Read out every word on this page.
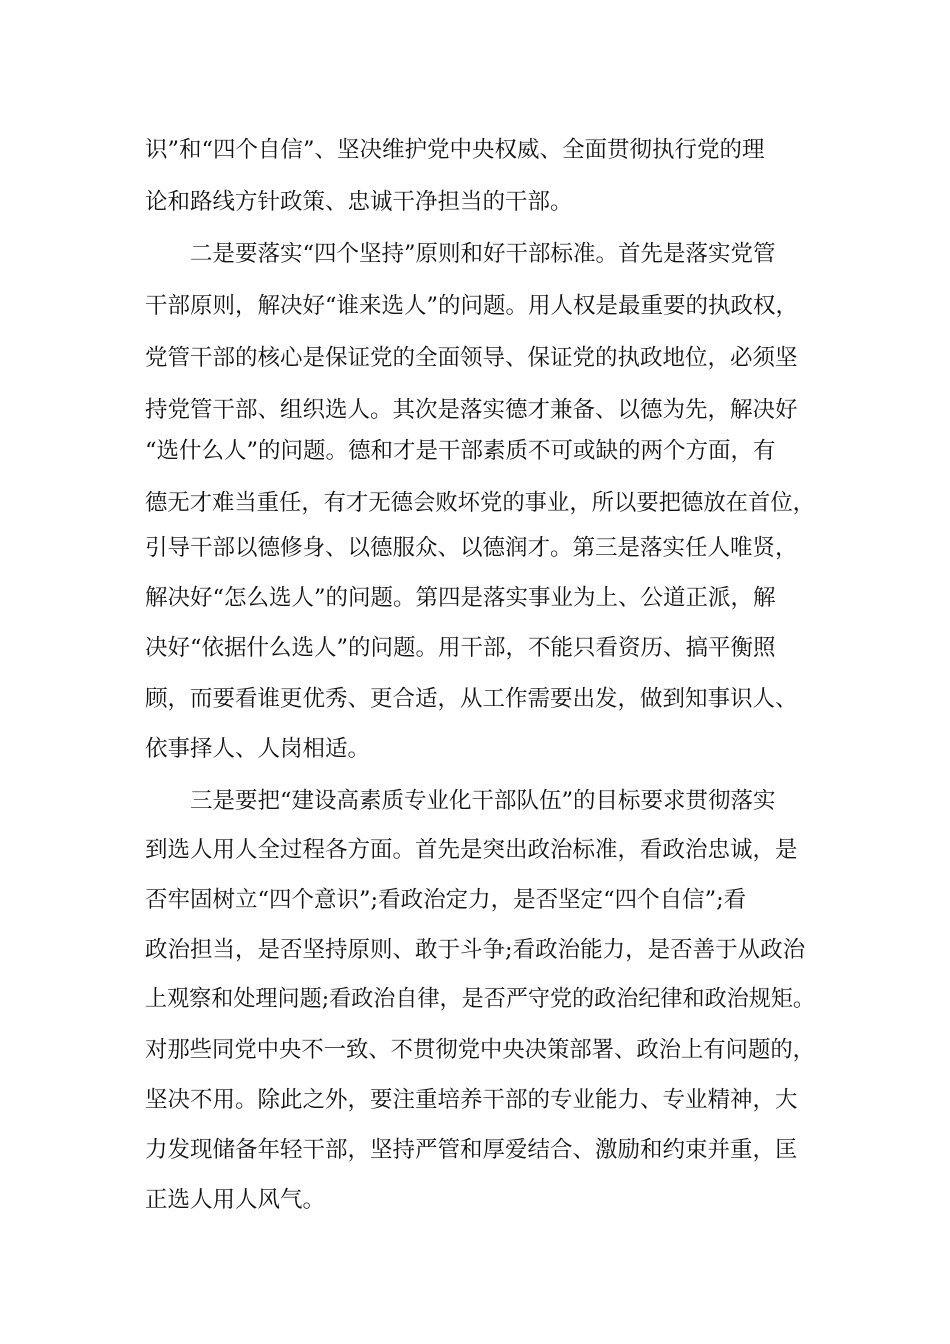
识”和“四个自信”、坚决维护党中央权威、全面贯彻执行党的理
论和路线方针政策、忠诚干净担当的干部。
二是要落实“四个坚持”原则和好干部标准。首先是落实党管
干部原则，解决好“谁来选人”的问题。用人权是最重要的执政权，
党管干部的核心是保证党的全面领导、保证党的执政地位，必须坚
持党管干部、组织选人。其次是落实德才兼备、以德为先，解决好
“选什么人”的问题。德和才是干部素质不可或缺的两个方面，有
德无才难当重任，有才无德会败坏党的事业，所以要把德放在首位，
引导干部以德修身、以德服众、以德润才。第三是落实任人唯贤，
解决好“怎么选人”的问题。第四是落实事业为上、公道正派，解
决好“依据什么选人”的问题。用干部，不能只看资历、搞平衡照
顾，而要看谁更优秀、更合适，从工作需要出发，做到知事识人、
依事择人、人岗相适。
三是要把“建设高素质专业化干部队伍”的目标要求贯彻落实
到选人用人全过程各方面。首先是突出政治标准，看政治忠诚，是
否牢固树立“四个意识”;看政治定力，是否坚定“四个自信”;看
政治担当，是否坚持原则、敢于斗争;看政治能力，是否善于从政治
上观察和处理问题;看政治自律，是否严守党的政治纪律和政治规矩。
对那些同党中央不一致、不贯彻党中央决策部署、政治上有问题的，
坚决不用。除此之外，要注重培养干部的专业能力、专业精神，大
力发现储备年轻干部，坚持严管和厚爱结合、激励和约束并重，匡
正选人用人风气。
